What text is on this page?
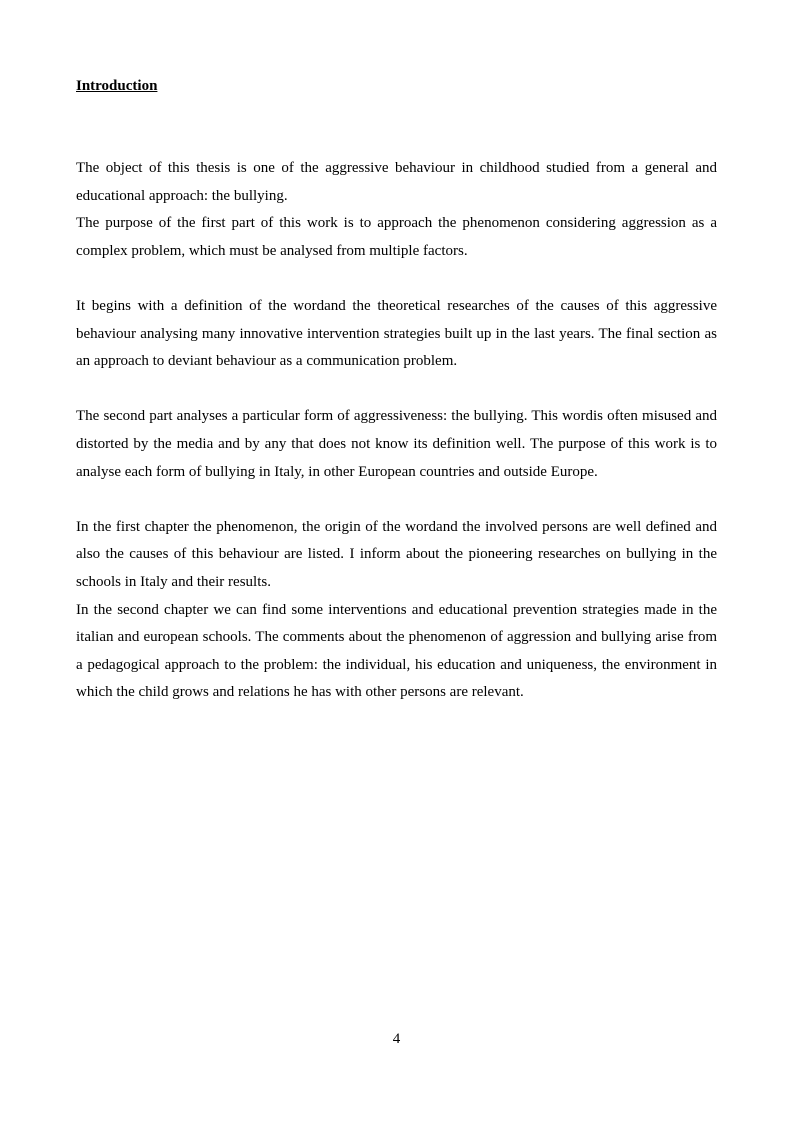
Introduction

The object of this thesis is one of the aggressive behaviour in childhood studied from a general and educational approach: the bullying.

The purpose of the first part of this work is to approach the phenomenon considering aggression as a complex problem, which must be analysed from multiple factors.

It begins with a definition of the wordand the theoretical researches of the causes of this aggressive behaviour analysing many innovative intervention strategies built up in the last years. The final section as an approach to deviant behaviour as a communication problem.

The second part analyses a particular form of aggressiveness: the bullying. This wordis often misused and distorted by the media and by any that does not know its definition well. The purpose of this work is to analyse each form of bullying in Italy, in other European countries and outside Europe.

In the first chapter the phenomenon, the origin of the wordand the involved persons are well defined and also the causes of this behaviour are listed. I inform about the pioneering researches on bullying in the schools in Italy and their results.

In the second chapter we can find some interventions and educational prevention strategies made in the italian and european schools. The comments about the phenomenon of aggression and bullying arise from a pedagogical approach to the problem: the individual, his education and uniqueness, the environment in which the child grows and relations he has with other persons are relevant.

4
